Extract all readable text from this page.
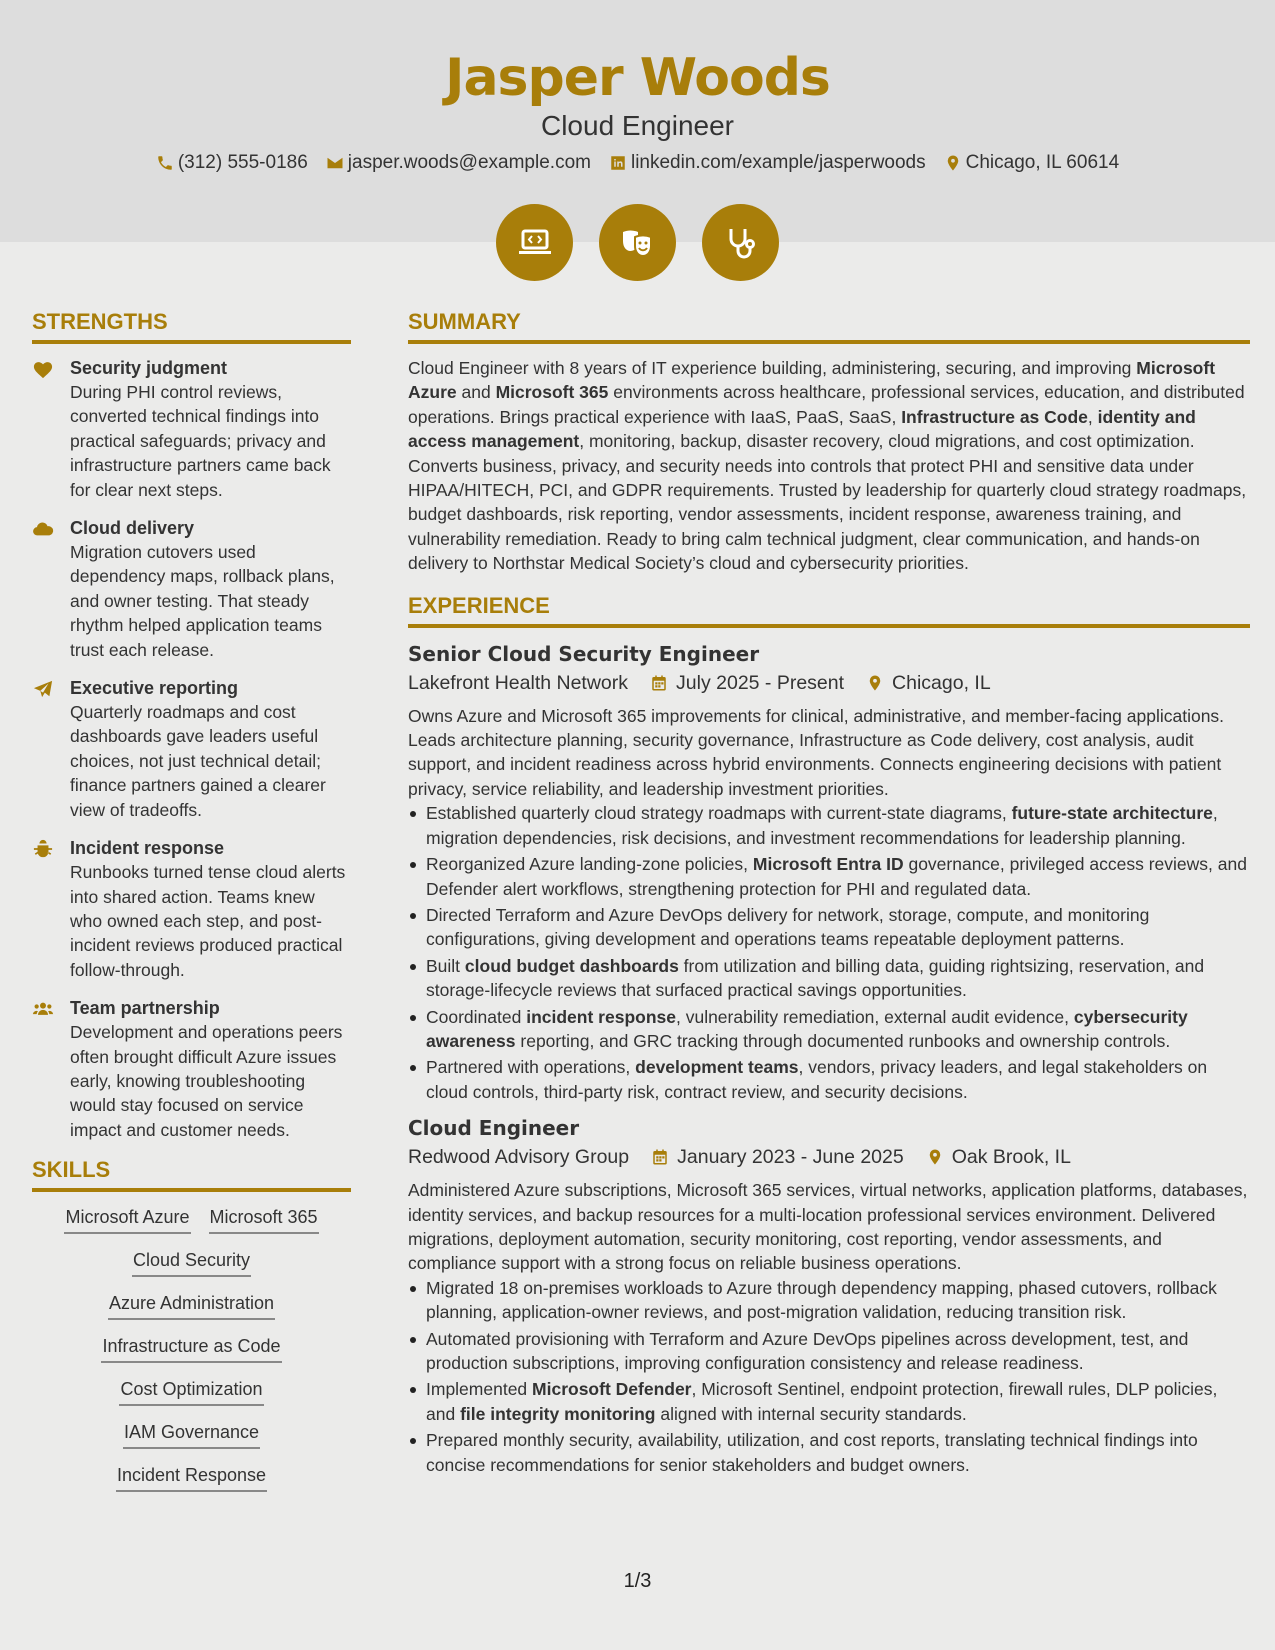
Jasper Woods
Cloud Engineer
(312) 555-0186 jasper.woods@example.com linkedin.com/example/jasperwoods Chicago, IL 60614
STRENGTHS
Security judgment
During PHI control reviews, converted technical findings into practical safeguards; privacy and infrastructure partners came back for clear next steps.
Cloud delivery
Migration cutovers used dependency maps, rollback plans, and owner testing. That steady rhythm helped application teams trust each release.
Executive reporting
Quarterly roadmaps and cost dashboards gave leaders useful choices, not just technical detail; finance partners gained a clearer view of tradeoffs.
Incident response
Runbooks turned tense cloud alerts into shared action. Teams knew who owned each step, and post-incident reviews produced practical follow-through.
Team partnership
Development and operations peers often brought difficult Azure issues early, knowing troubleshooting would stay focused on service impact and customer needs.
SKILLS
Microsoft Azure Microsoft 365
Cloud Security
Azure Administration
Infrastructure as Code
Cost Optimization
IAM Governance
Incident Response
SUMMARY
Cloud Engineer with 8 years of IT experience building, administering, securing, and improving Microsoft Azure and Microsoft 365 environments across healthcare, professional services, education, and distributed operations. Brings practical experience with IaaS, PaaS, SaaS, Infrastructure as Code, identity and access management, monitoring, backup, disaster recovery, cloud migrations, and cost optimization. Converts business, privacy, and security needs into controls that protect PHI and sensitive data under HIPAA/HITECH, PCI, and GDPR requirements. Trusted by leadership for quarterly cloud strategy roadmaps, budget dashboards, risk reporting, vendor assessments, incident response, awareness training, and vulnerability remediation. Ready to bring calm technical judgment, clear communication, and hands-on delivery to Northstar Medical Society’s cloud and cybersecurity priorities.
EXPERIENCE
Senior Cloud Security Engineer
Lakefront Health Network July 2025 - Present Chicago, IL
Owns Azure and Microsoft 365 improvements for clinical, administrative, and member-facing applications. Leads architecture planning, security governance, Infrastructure as Code delivery, cost analysis, audit support, and incident readiness across hybrid environments. Connects engineering decisions with patient privacy, service reliability, and leadership investment priorities.
Established quarterly cloud strategy roadmaps with current-state diagrams, future-state architecture, migration dependencies, risk decisions, and investment recommendations for leadership planning.
Reorganized Azure landing-zone policies, Microsoft Entra ID governance, privileged access reviews, and Defender alert workflows, strengthening protection for PHI and regulated data.
Directed Terraform and Azure DevOps delivery for network, storage, compute, and monitoring configurations, giving development and operations teams repeatable deployment patterns.
Built cloud budget dashboards from utilization and billing data, guiding rightsizing, reservation, and storage-lifecycle reviews that surfaced practical savings opportunities.
Coordinated incident response, vulnerability remediation, external audit evidence, cybersecurity awareness reporting, and GRC tracking through documented runbooks and ownership controls.
Partnered with operations, development teams, vendors, privacy leaders, and legal stakeholders on cloud controls, third-party risk, contract review, and security decisions.
Cloud Engineer
Redwood Advisory Group January 2023 - June 2025 Oak Brook, IL
Administered Azure subscriptions, Microsoft 365 services, virtual networks, application platforms, databases, identity services, and backup resources for a multi-location professional services environment. Delivered migrations, deployment automation, security monitoring, cost reporting, vendor assessments, and compliance support with a strong focus on reliable business operations.
Migrated 18 on-premises workloads to Azure through dependency mapping, phased cutovers, rollback planning, application-owner reviews, and post-migration validation, reducing transition risk.
Automated provisioning with Terraform and Azure DevOps pipelines across development, test, and production subscriptions, improving configuration consistency and release readiness.
Implemented Microsoft Defender, Microsoft Sentinel, endpoint protection, firewall rules, DLP policies, and file integrity monitoring aligned with internal security standards.
Prepared monthly security, availability, utilization, and cost reports, translating technical findings into concise recommendations for senior stakeholders and budget owners.
1/3
